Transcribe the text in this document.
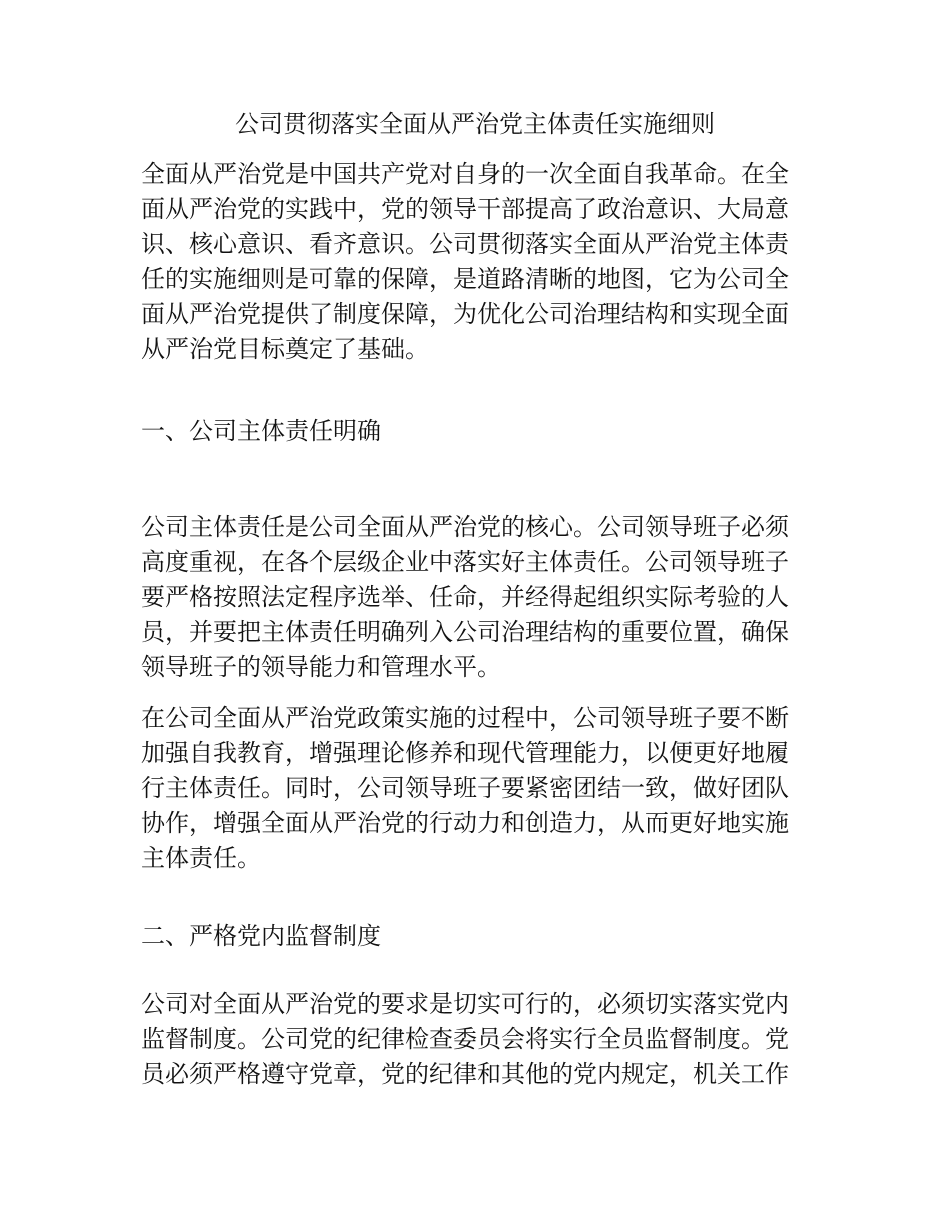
公司贯彻落实全面从严治党主体责任实施细则
全面从严治党是中国共产党对自身的一次全面自我革命。在全
面从严治党的实践中，党的领导干部提高了政治意识、大局意
识、核心意识、看齐意识。公司贯彻落实全面从严治党主体责
任的实施细则是可靠的保障，是道路清晰的地图，它为公司全
面从严治党提供了制度保障，为优化公司治理结构和实现全面
从严治党目标奠定了基础。
一、公司主体责任明确
公司主体责任是公司全面从严治党的核心。公司领导班子必须
高度重视，在各个层级企业中落实好主体责任。公司领导班子
要严格按照法定程序选举、任命，并经得起组织实际考验的人
员，并要把主体责任明确列入公司治理结构的重要位置，确保
领导班子的领导能力和管理水平。
在公司全面从严治党政策实施的过程中，公司领导班子要不断
加强自我教育，增强理论修养和现代管理能力，以便更好地履
行主体责任。同时，公司领导班子要紧密团结一致，做好团队
协作，增强全面从严治党的行动力和创造力，从而更好地实施
主体责任。
二、严格党内监督制度
公司对全面从严治党的要求是切实可行的，必须切实落实党内
监督制度。公司党的纪律检查委员会将实行全员监督制度。党
员必须严格遵守党章，党的纪律和其他的党内规定，机关工作
